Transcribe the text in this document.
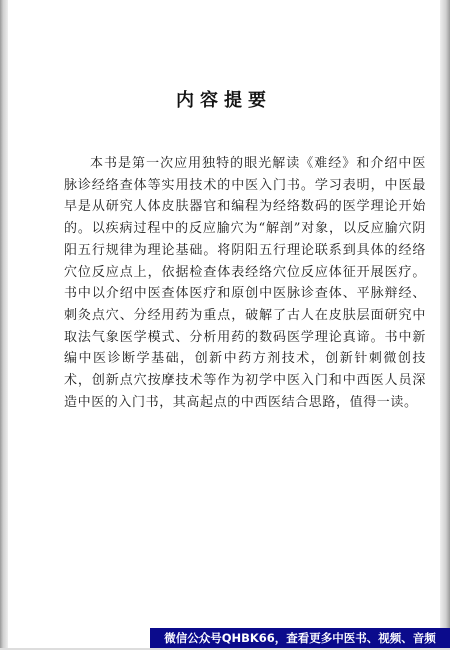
内容提要

本书是第一次应用独特的眼光解读《难经》和介绍中医脉诊经络查体等实用技术的中医入门书。学习表明，中医最早是从研究人体皮肤器官和编程为经络数码的医学理论开始的。以疾病过程中的反应腧穴为“解剖”对象，以反应腧穴阴阳五行规律为理论基础。将阴阳五行理论联系到具体的经络穴位反应点上，依据检查体表经络穴位反应体征开展医疗。书中以介绍中医查体医疗和原创中医脉诊查体、平脉辩经、刺灸点穴、分经用药为重点，破解了古人在皮肤层面研究中取法气象医学模式、分析用药的数码医学理论真谛。书中新编中医诊断学基础，创新中药方剂技术，创新针刺微创技术，创新点穴按摩技术等作为初学中医入门和中西医人员深造中医的入门书，其高起点的中西医结合思路，值得一读。

微信公众号QHBK66，查看更多中医书、视频、音频
